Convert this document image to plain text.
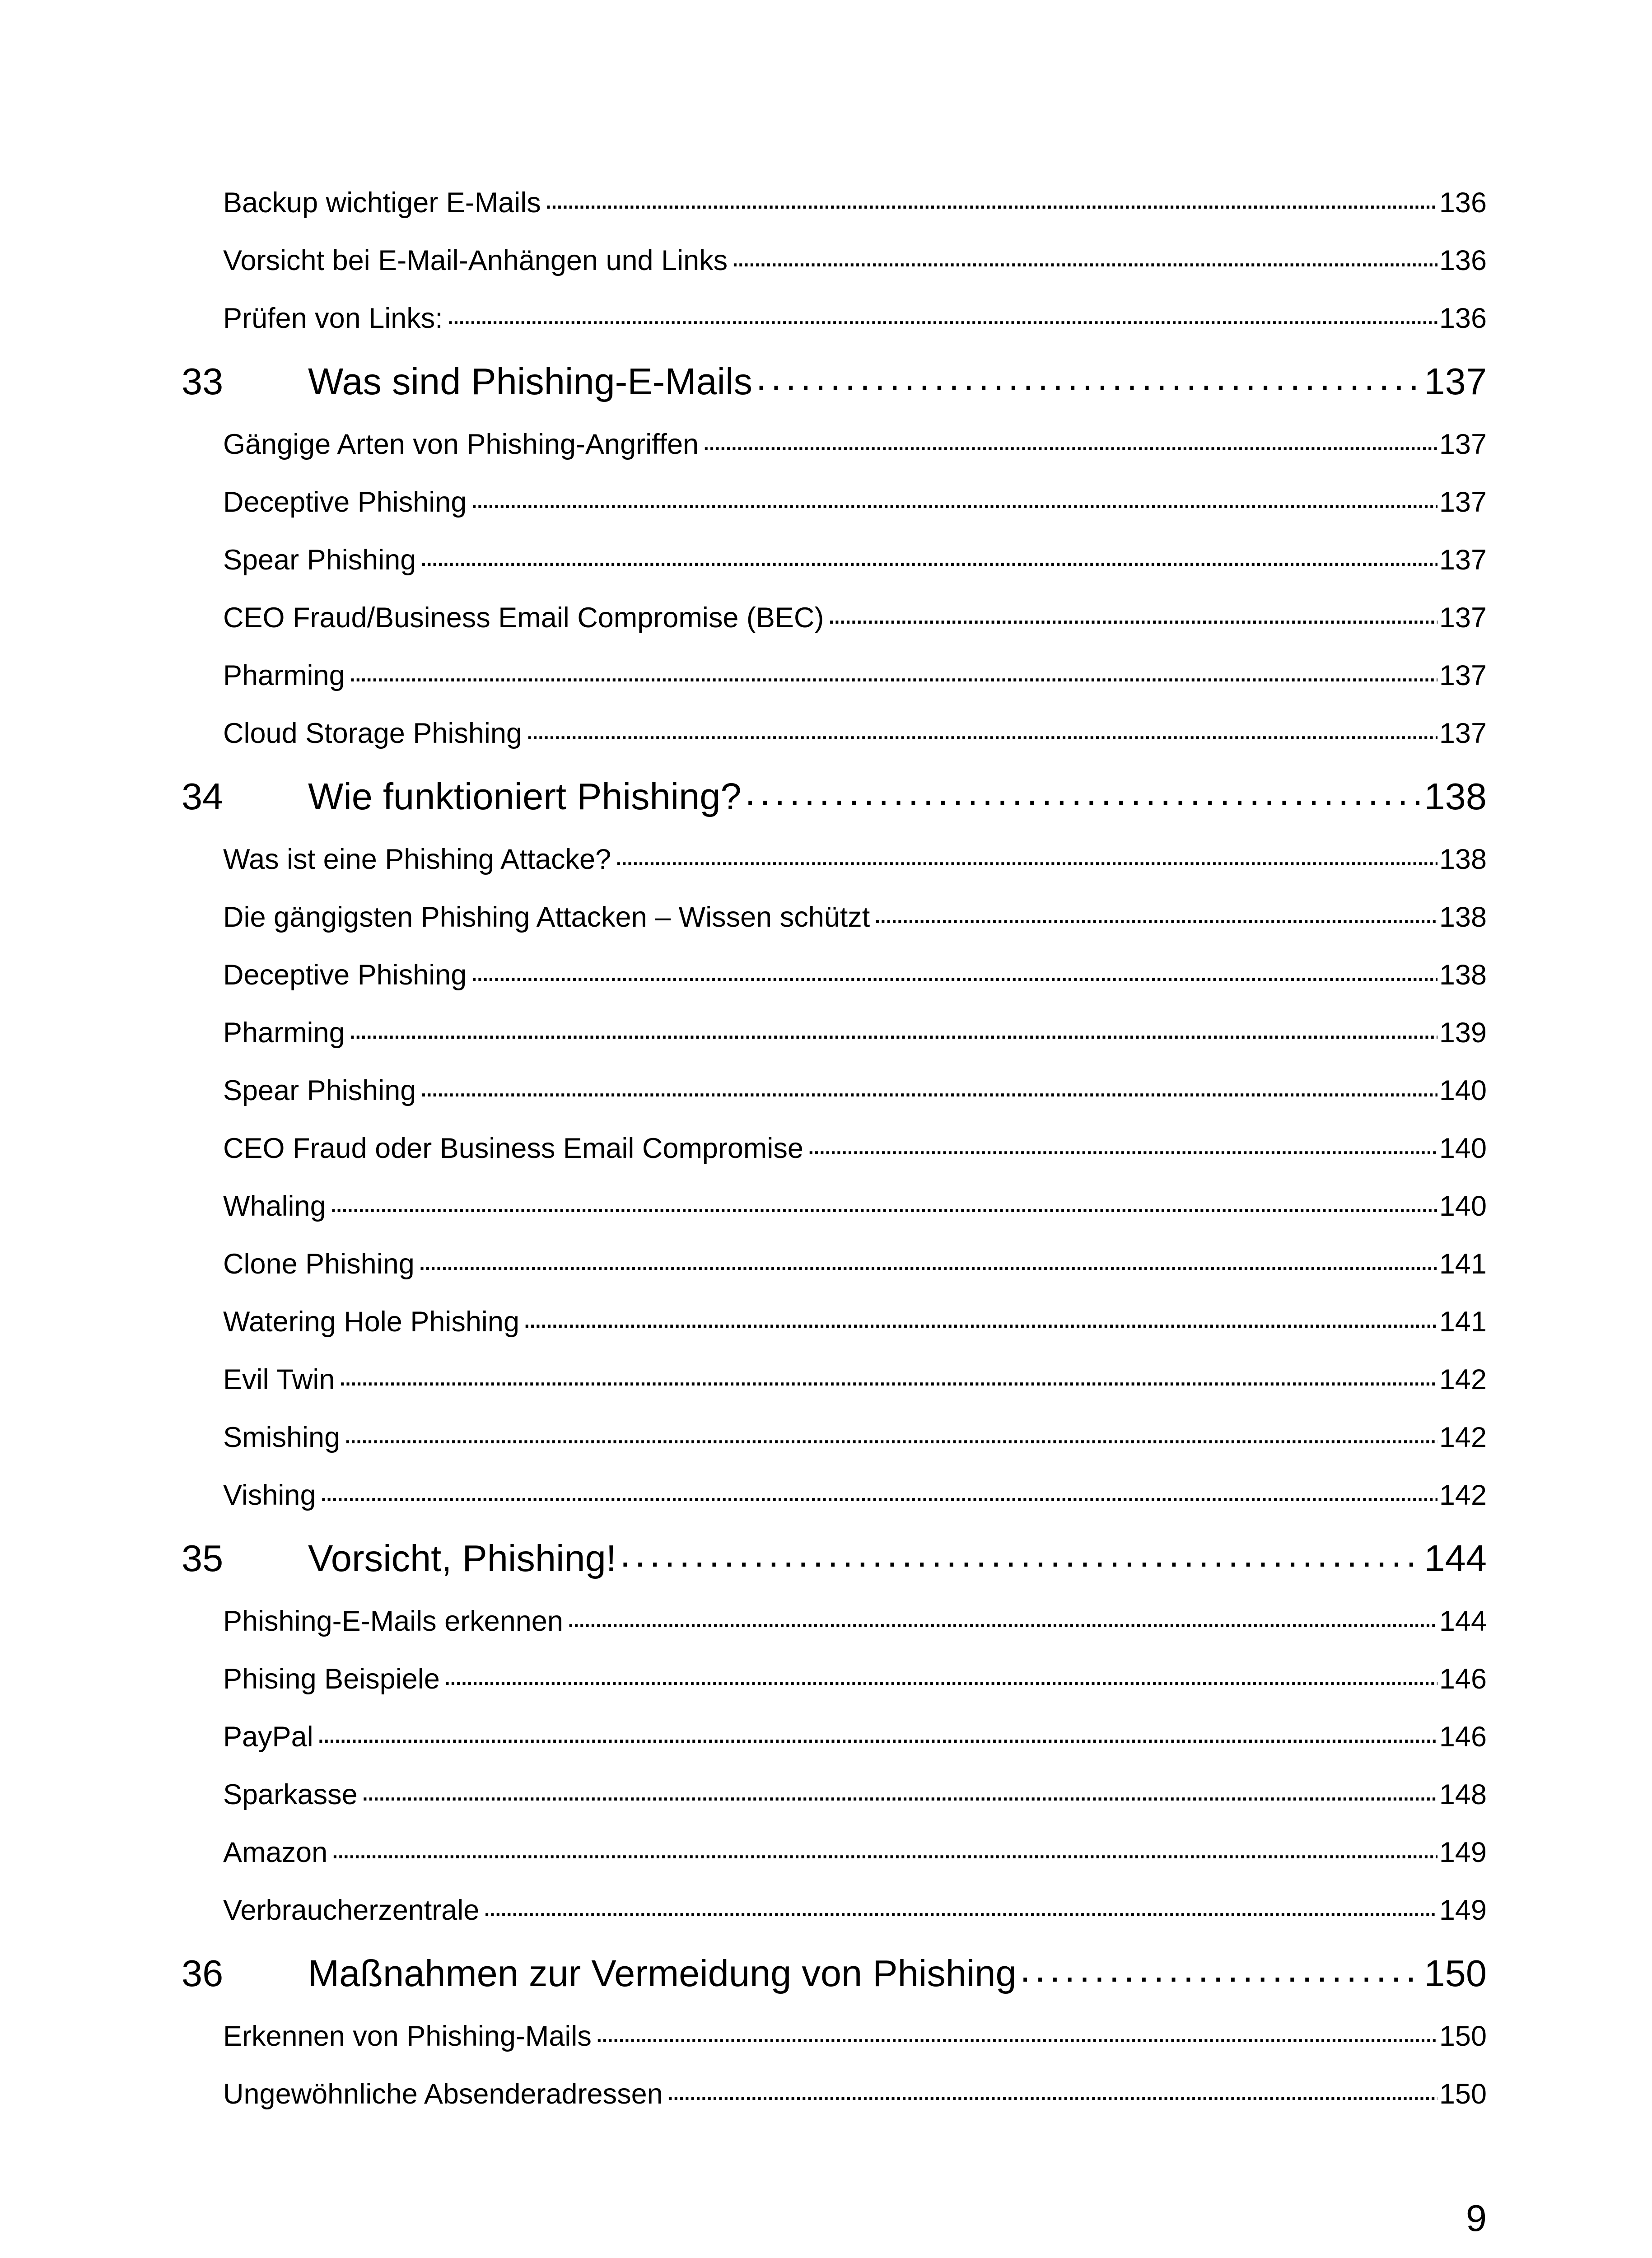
Backup wichtiger E-Mails . . .	136
Vorsicht bei E-Mail-Anhängen und Links . . .	136
Prüfen von Links: . . .	136
33	Was sind Phishing-E-Mails . . .	137
Gängige Arten von Phishing-Angriffen . . .	137
Deceptive Phishing . . .	137
Spear Phishing . . .	137
CEO Fraud/Business Email Compromise (BEC) . . .	137
Pharming . . .	137
Cloud Storage Phishing . . .	137
34	Wie funktioniert Phishing? . . .	138
Was ist eine Phishing Attacke? . . .	138
Die gängigsten Phishing Attacken – Wissen schützt . . .	138
Deceptive Phishing . . .	138
Pharming . . .	139
Spear Phishing . . .	140
CEO Fraud oder Business Email Compromise . . .	140
Whaling . . .	140
Clone Phishing . . .	141
Watering Hole Phishing . . .	141
Evil Twin . . .	142
Smishing . . .	142
Vishing . . .	142
35	Vorsicht, Phishing! . . .	144
Phishing-E-Mails erkennen . . .	144
Phising Beispiele . . .	146
PayPal . . .	146
Sparkasse . . .	148
Amazon . . .	149
Verbraucherzentrale . . .	149
36	Maßnahmen zur Vermeidung von Phishing . . .	150
Erkennen von Phishing-Mails . . .	150
Ungewöhnliche Absenderadressen . . .	150
9
